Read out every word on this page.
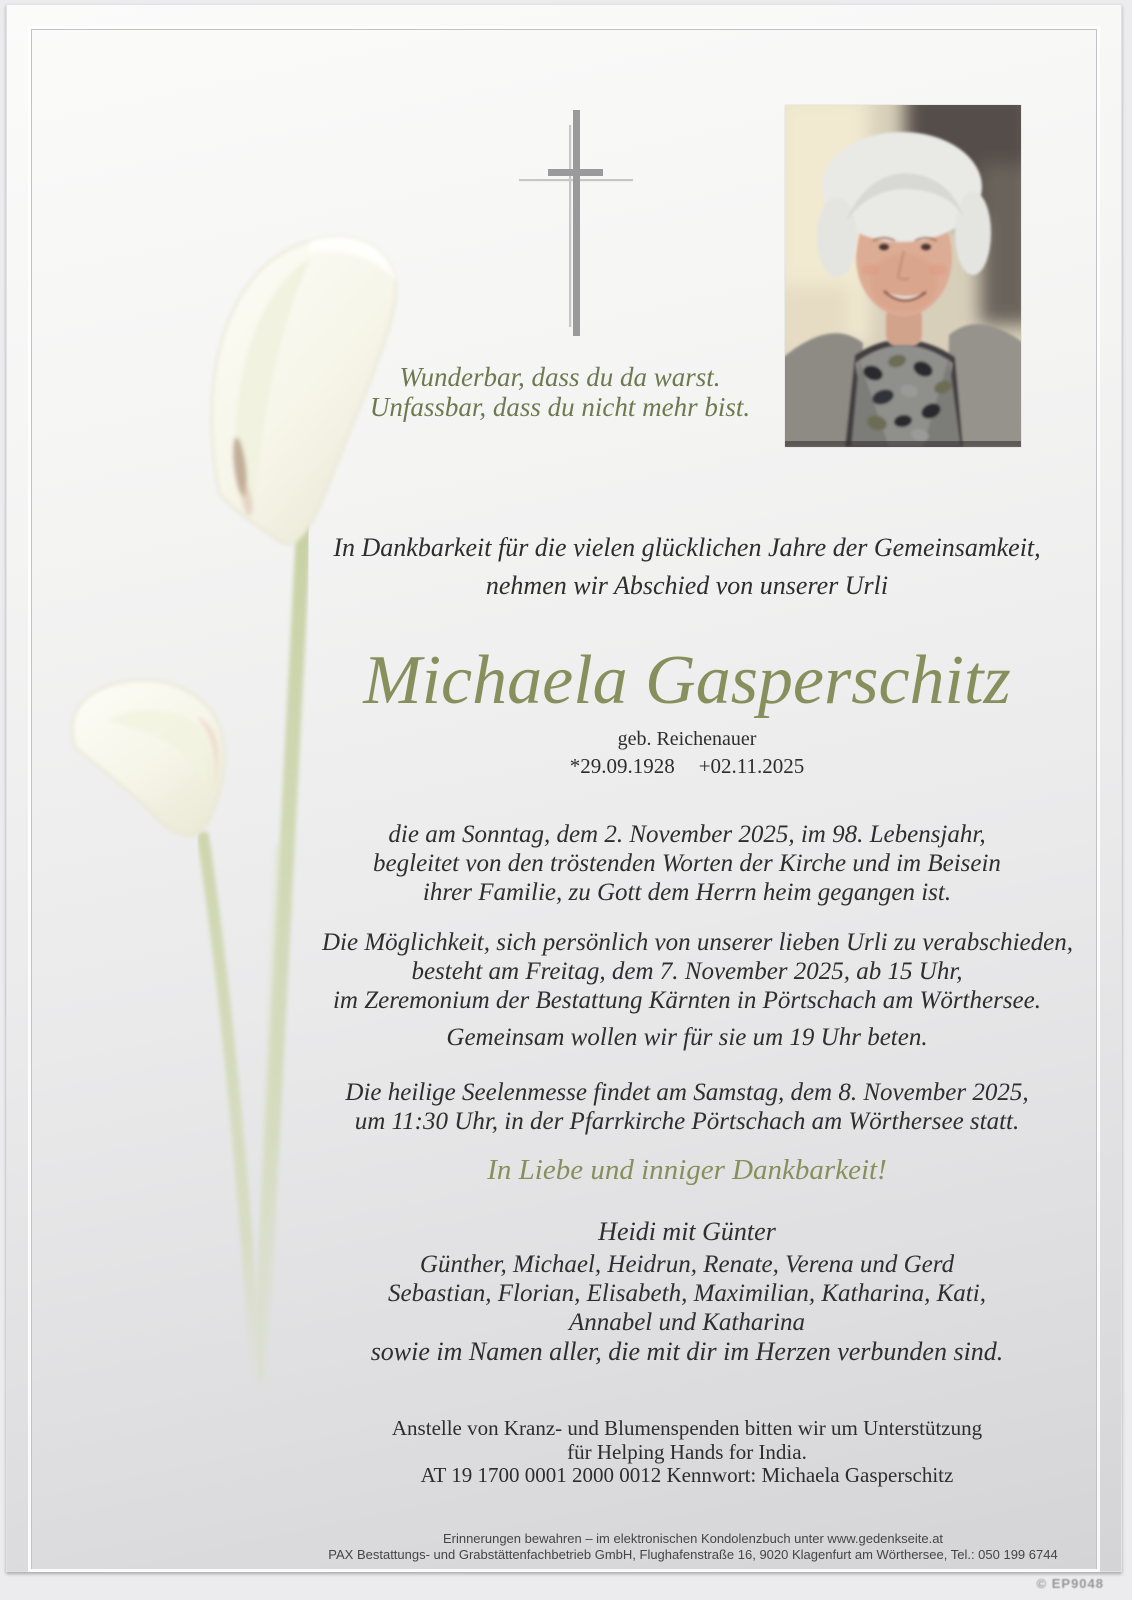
Wunderbar, dass du da warst.
Unfassbar, dass du nicht mehr bist.
In Dankbarkeit für die vielen glücklichen Jahre der Gemeinsamkeit,
nehmen wir Abschied von unserer Urli
Michaela Gasperschitz
geb. Reichenauer
*29.09.1928 +02.11.2025
die am Sonntag, dem 2. November 2025, im 98. Lebensjahr,
begleitet von den tröstenden Worten der Kirche und im Beisein
ihrer Familie, zu Gott dem Herrn heim gegangen ist.
Die Möglichkeit, sich persönlich von unserer lieben Urli zu verabschieden,
besteht am Freitag, dem 7. November 2025, ab 15 Uhr,
im Zeremonium der Bestattung Kärnten in Pörtschach am Wörthersee.
Gemeinsam wollen wir für sie um 19 Uhr beten.
Die heilige Seelenmesse findet am Samstag, dem 8. November 2025,
um 11:30 Uhr, in der Pfarrkirche Pörtschach am Wörthersee statt.
In Liebe und inniger Dankbarkeit!
Heidi mit Günter
Günther, Michael, Heidrun, Renate, Verena und Gerd
Sebastian, Florian, Elisabeth, Maximilian, Katharina, Kati,
Annabel und Katharina
sowie im Namen aller, die mit dir im Herzen verbunden sind.
Anstelle von Kranz- und Blumenspenden bitten wir um Unterstützung
für Helping Hands for India.
AT 19 1700 0001 2000 0012 Kennwort: Michaela Gasperschitz
Erinnerungen bewahren – im elektronischen Kondolenzbuch unter www.gedenkseite.at
PAX Bestattungs- und Grabstättenfachbetrieb GmbH, Flughafenstraße 16, 9020 Klagenfurt am Wörthersee, Tel.: 050 199 6744
© EP9048
